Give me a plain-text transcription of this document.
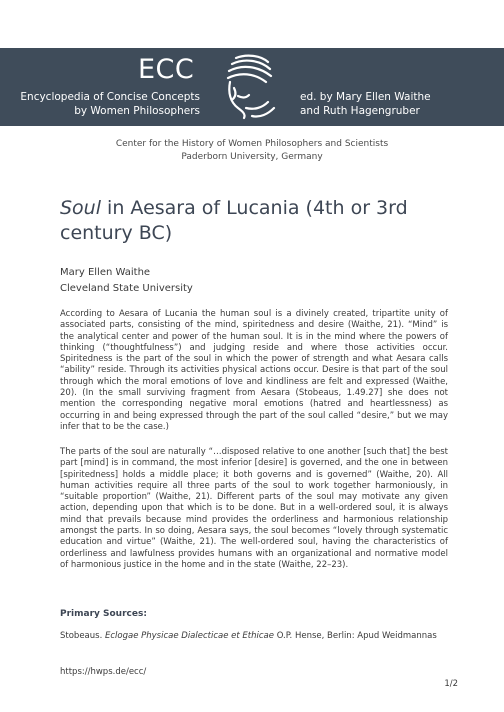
ECC
Encyclopedia of Concise Concepts
by Women Philosophers
ed. by Mary Ellen Waithe
and Ruth Hagengruber
Center for the History of Women Philosophers and Scientists
Paderborn University, Germany
Soul in Aesara of Lucania (4th or 3rd century BC)
Mary Ellen Waithe
Cleveland State University

According to Aesara of Lucania the human soul is a divinely created, tripartite unity of associated parts, consisting of the mind, spiritedness and desire (Waithe, 21). “Mind” is the analytical center and power of the human soul. It is in the mind where the powers of thinking (“thoughtfulness”) and judging reside and where those activities occur. Spiritedness is the part of the soul in which the power of strength and what Aesara calls “ability” reside. Through its activities physical actions occur. Desire is that part of the soul through which the moral emotions of love and kindliness are felt and expressed (Waithe, 20). (In the small surviving fragment from Aesara (Stobeaus, 1.49.27] she does not mention the corresponding negative moral emotions (hatred and heartlessness) as occurring in and being expressed through the part of the soul called “desire,” but we may infer that to be the case.)

The parts of the soul are naturally “…disposed relative to one another [such that] the best part [mind] is in command, the most inferior [desire] is governed, and the one in between [spiritedness] holds a middle place; it both governs and is governed” (Waithe, 20). All human activities require all three parts of the soul to work together harmoniously, in “suitable proportion” (Waithe, 21). Different parts of the soul may motivate any given action, depending upon that which is to be done. But in a well-ordered soul, it is always mind that prevails because mind provides the orderliness and harmonious relationship amongst the parts. In so doing, Aesara says, the soul becomes “lovely through systematic education and virtue” (Waithe, 21). The well-ordered soul, having the characteristics of orderliness and lawfulness provides humans with an organizational and normative model of harmonious justice in the home and in the state (Waithe, 22–23).

Primary Sources:
Stobeaus. Eclogae Physicae Dialecticae et Ethicae O.P. Hense, Berlin: Apud Weidmannas
https://hwps.de/ecc/
1/2
